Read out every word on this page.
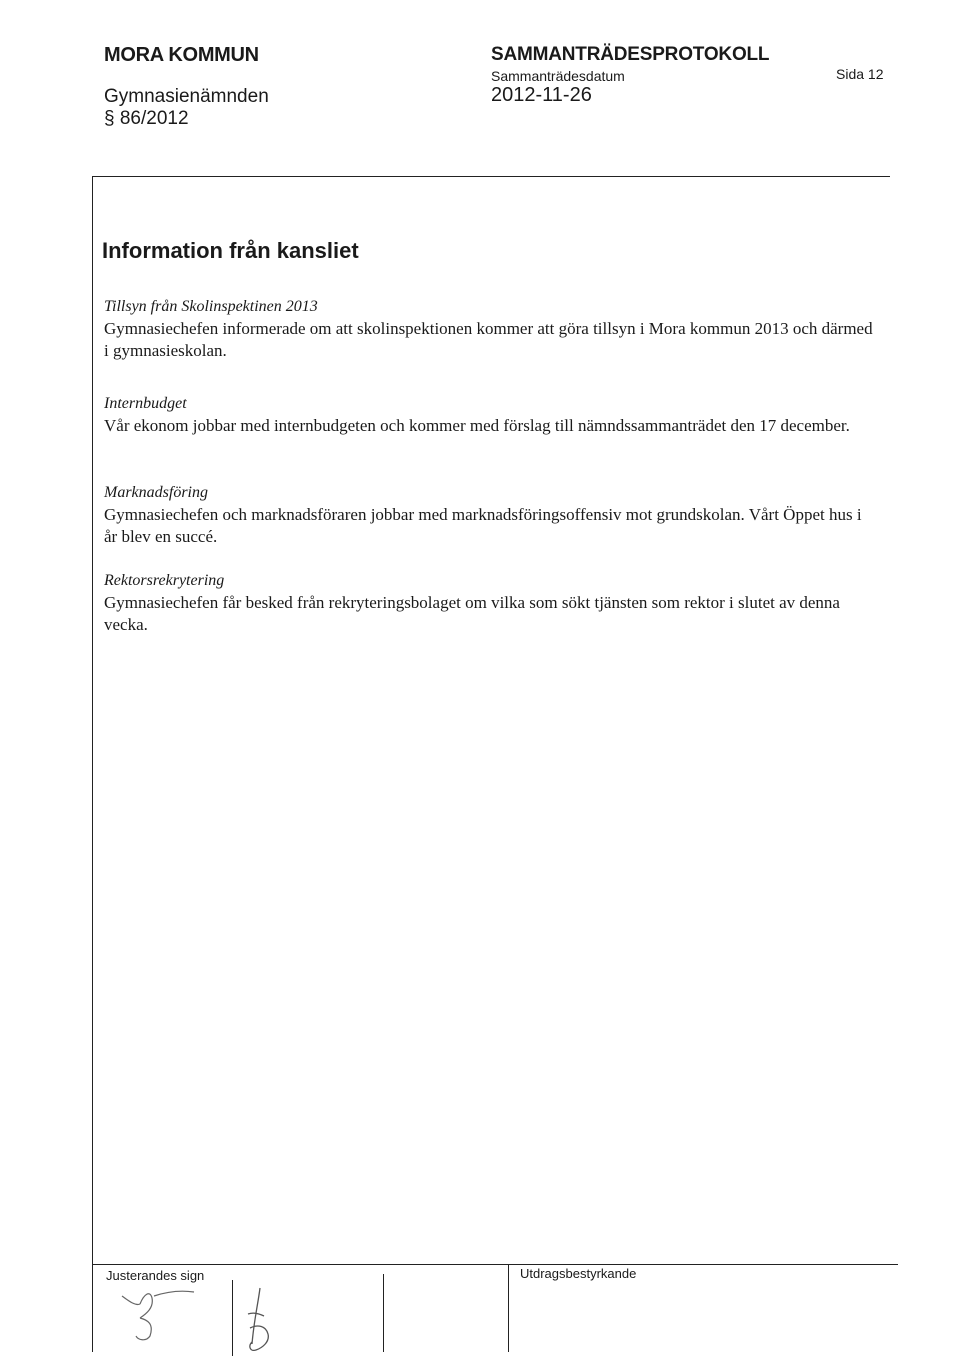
MORA KOMMUN
Gymnasienämnden
§ 86/2012
SAMMANTRÄDESPROTOKOLL
Sammanträdesdatum
2012-11-26
Sida 12
Information från kansliet

Tillsyn från Skolinspektinen 2013

Gymnasiechefen informerade om att skolinspektionen kommer att göra tillsyn i Mora kommun 2013 och därmed i gymnasieskolan.

Internbudget

Vår ekonom jobbar med internbudgeten och kommer med förslag till nämndssammanträdet den 17 december.

Marknadsföring

Gymnasiechefen och marknadsföraren jobbar med marknadsföringsoffensiv mot grundskolan. Vårt Öppet hus i år blev en succé.

Rektorsrekrytering

Gymnasiechefen får besked från rekryteringsbolaget om vilka som sökt tjänsten som rektor i slutet av denna vecka.

Justerandes sign	Utdragsbestyrkande
